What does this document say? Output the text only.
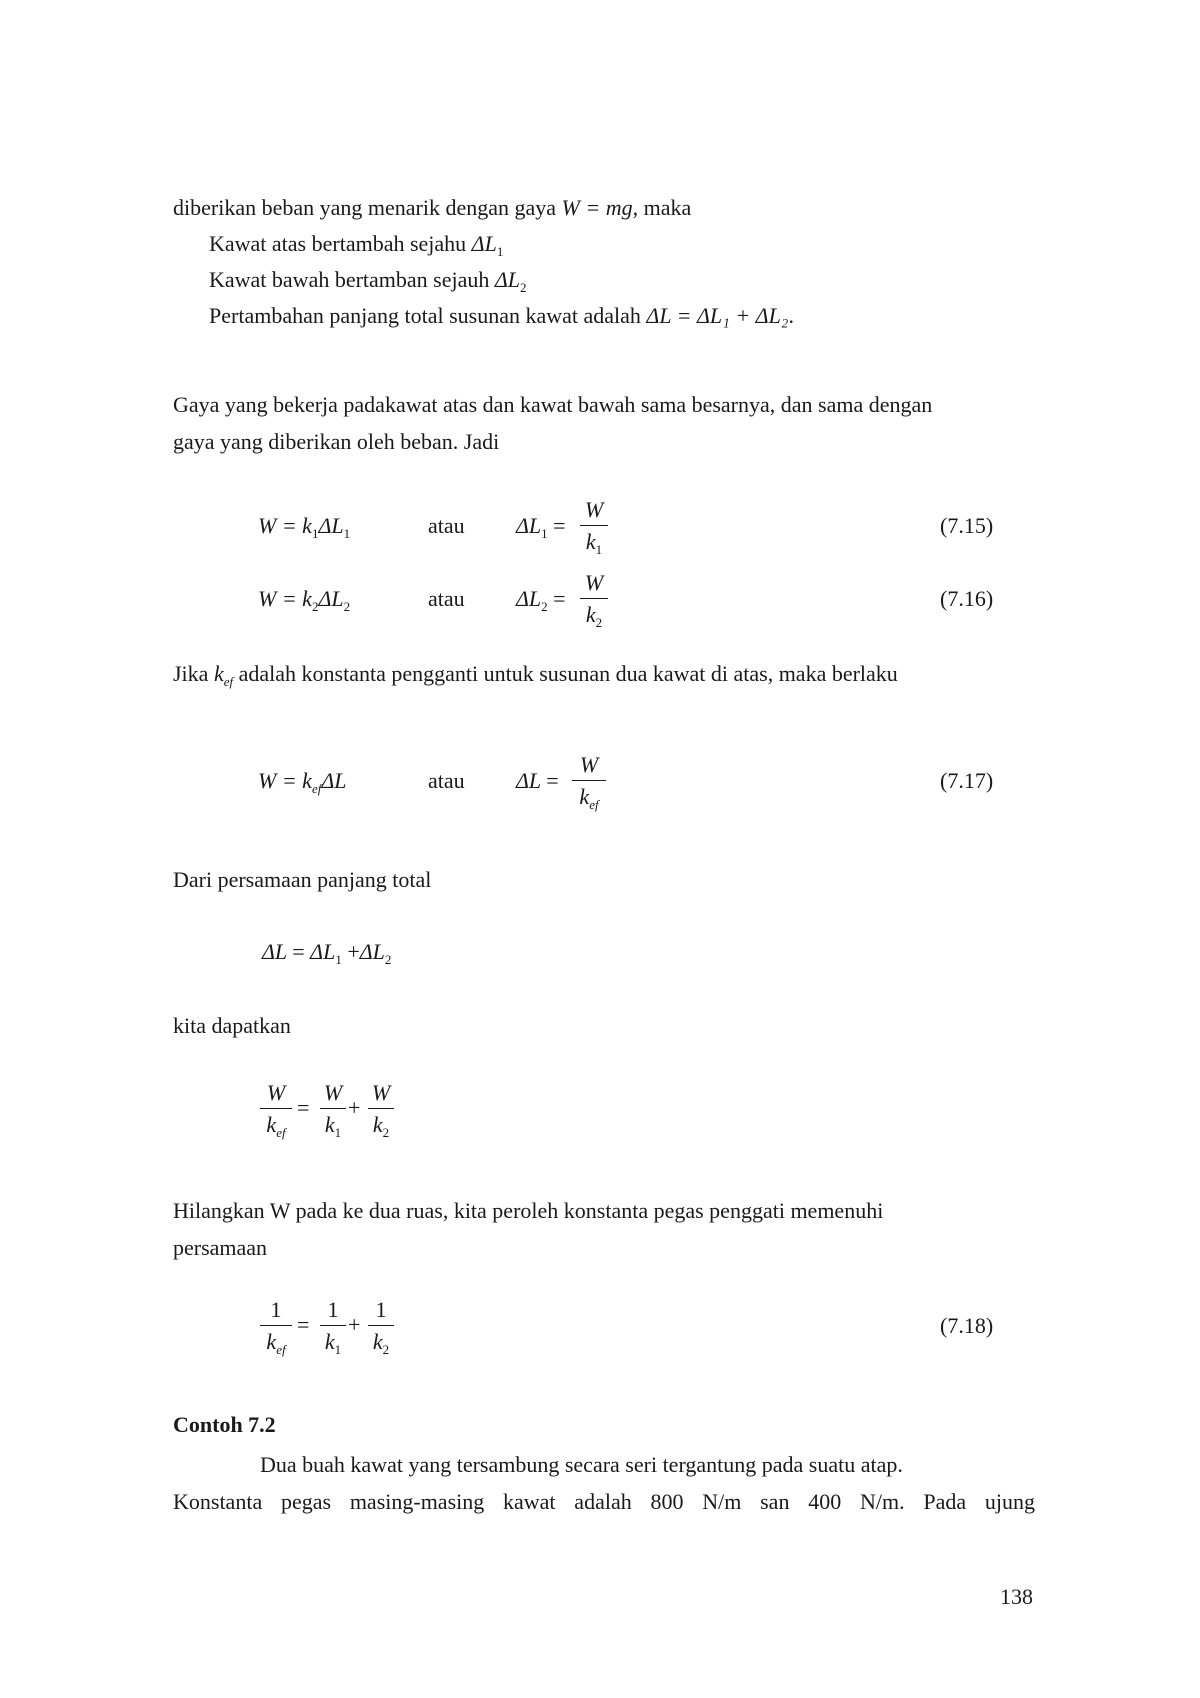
diberikan beban yang menarik dengan gaya W = mg, maka
Kawat atas bertambah sejahu $\Delta L_1$
Kawat bawah bertamban sejauh $\Delta L_2$
Pertambahan panjang total susunan kawat adalah ΔL = ΔL₁ + ΔL₂.
Gaya yang bekerja padakawat atas dan kawat bawah sama besarnya, dan sama dengan
gaya yang diberikan oleh beban. Jadi
$W = k_1\Delta L_1$	atau $\Delta L_1$ =
W
$k_1$
(7.15)
$W = k_2\Delta L_2$	atau $\Delta L_2$ =
W
$k_2$
(7.16)
Jika $k_{ef}$ adalah konstanta pengganti untuk susunan dua kawat di atas, maka berlaku
$W = k_{ef}\Delta L$	atau ΔL =
W
$k_{ef}$
(7.17)
Dari persamaan panjang total
$\Delta L = \Delta L_1 +\Delta L_2$
kita dapatkan
W
$k_{ef}$
=
W
$k_1$
+
W
$k_2$
Hilangkan W pada ke dua ruas, kita peroleh konstanta pegas penggati memenuhi
persamaan
1
$k_{ef}$
=
1
$k_1$
+
1
$k_2$
(7.18)
Contoh 7.2
Dua buah kawat yang tersambung secara seri tergantung pada suatu atap.
Konstanta pegas masing-masing kawat adalah 800 N/m san 400 N/m. Pada ujung
138
